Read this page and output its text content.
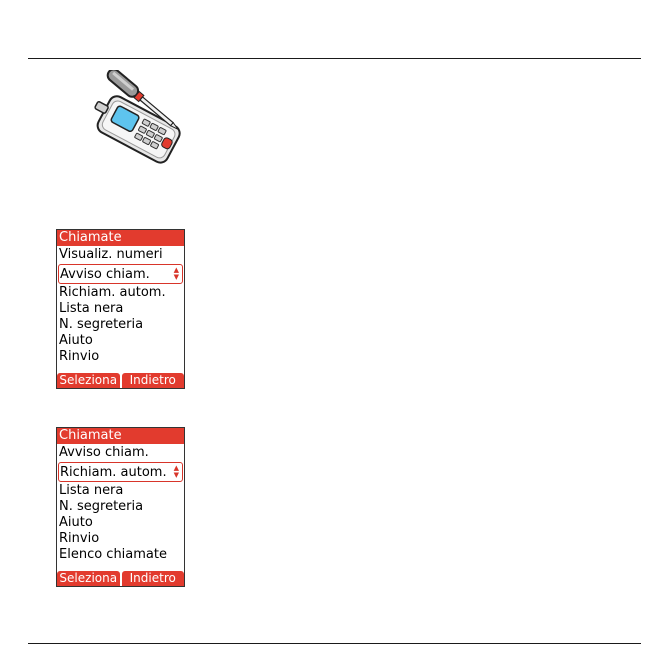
Chiamate
Visualiz. numeri
Avviso chiam.	▲
▼
Richiam. autom.
Lista nera
N. segreteria
Aiuto
Rinvio
Seleziona	Indietro
Chiamate
Avviso chiam.
Richiam. autom. ▲
▼
Lista nera
N. segreteria
Aiuto
Rinvio
Elenco chiamate
Seleziona	Indietro
